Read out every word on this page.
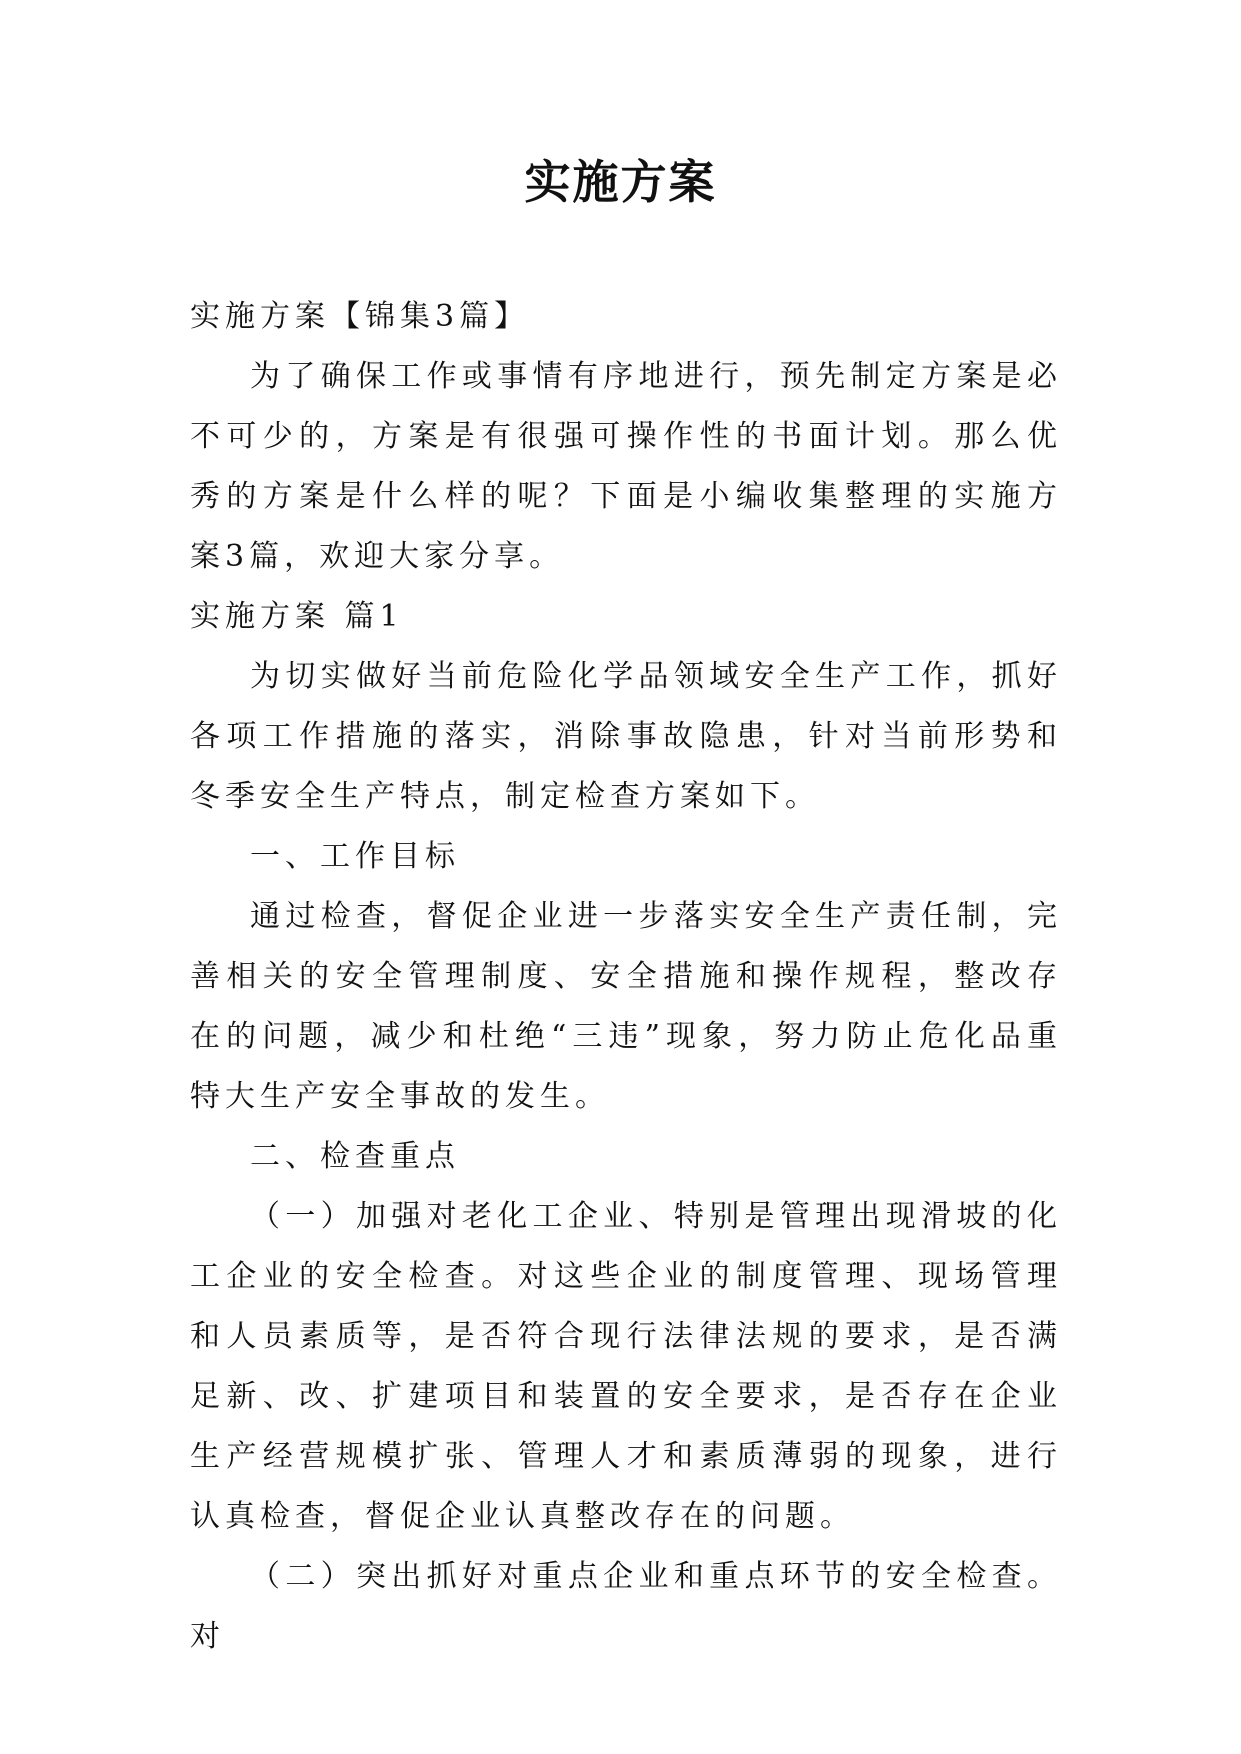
实施方案

实施方案【锦集3篇】

为了确保工作或事情有序地进行，预先制定方案是必不可少的，方案是有很强可操作性的书面计划。那么优秀的方案是什么样的呢？下面是小编收集整理的实施方案3篇，欢迎大家分享。

实施方案 篇1

为切实做好当前危险化学品领域安全生产工作，抓好各项工作措施的落实，消除事故隐患，针对当前形势和冬季安全生产特点，制定检查方案如下。

一、工作目标

通过检查，督促企业进一步落实安全生产责任制，完善相关的安全管理制度、安全措施和操作规程，整改存在的问题，减少和杜绝“三违”现象，努力防止危化品重特大生产安全事故的发生。

二、检查重点

（一）加强对老化工企业、特别是管理出现滑坡的化工企业的安全检查。对这些企业的制度管理、现场管理和人员素质等，是否符合现行法律法规的要求，是否满足新、改、扩建项目和装置的安全要求，是否存在企业生产经营规模扩张、管理人才和素质薄弱的现象，进行认真检查，督促企业认真整改存在的问题。

（二）突出抓好对重点企业和重点环节的安全检查。对
